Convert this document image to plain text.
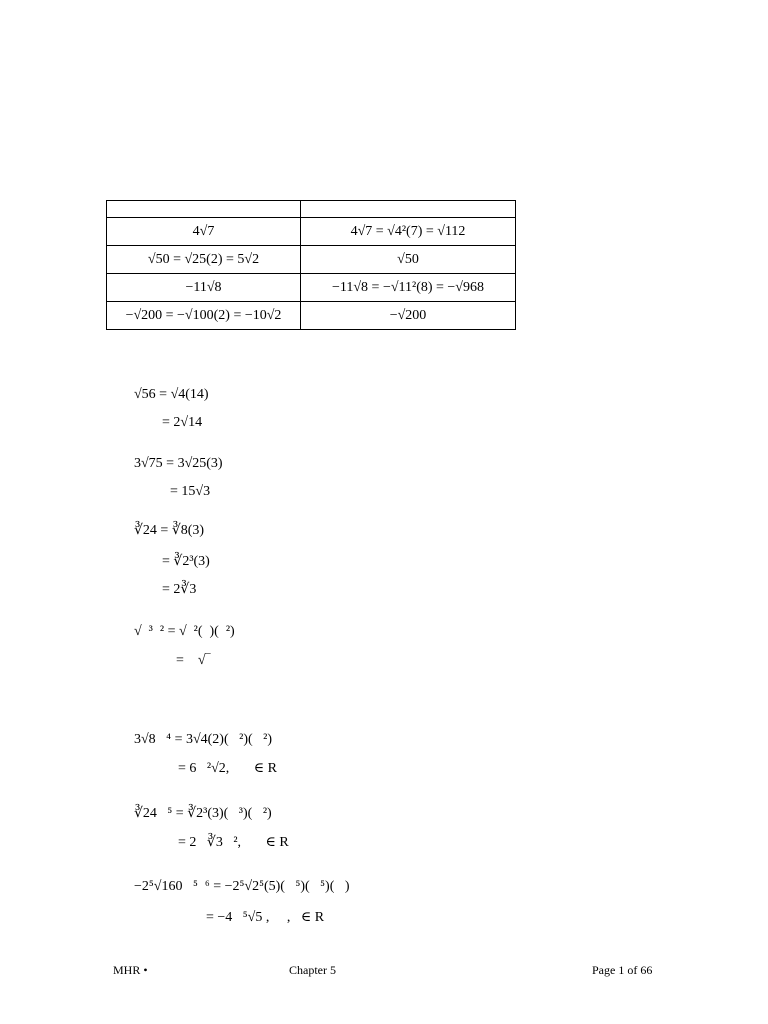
4√7	4√7 = √4²(7) = √112
√50 = √25(2) = 5√2	√50
−11√8	−11√8 = −√11²(8) = −√968
−√200 = −√100(2) = −10√2	−√200
√56 = √4(14)
= 2√14
3√75 = 3√25(3)
= 15√3
∛24 = ∛8(3)
= ∛2³(3)
= 2∛3
√  ³  ² = √  ²(  )(  ²)
=    √‾
3√8   ⁴ = 3√4(2)(   ²)(   ²)
= 6   ²√2,       ∈ R
∛24   ⁵ = ∛2³(3)(   ³)(   ²)
= 2   ∛3   ²,       ∈ R
−2⁵√160   ⁵  ⁶ = −2⁵√2⁵(5)(   ⁵)(   ⁵)(   )
= −4   ⁵√5 ,     ,   ∈ R
MHR •	Chapter 5	Page 1 of 66
